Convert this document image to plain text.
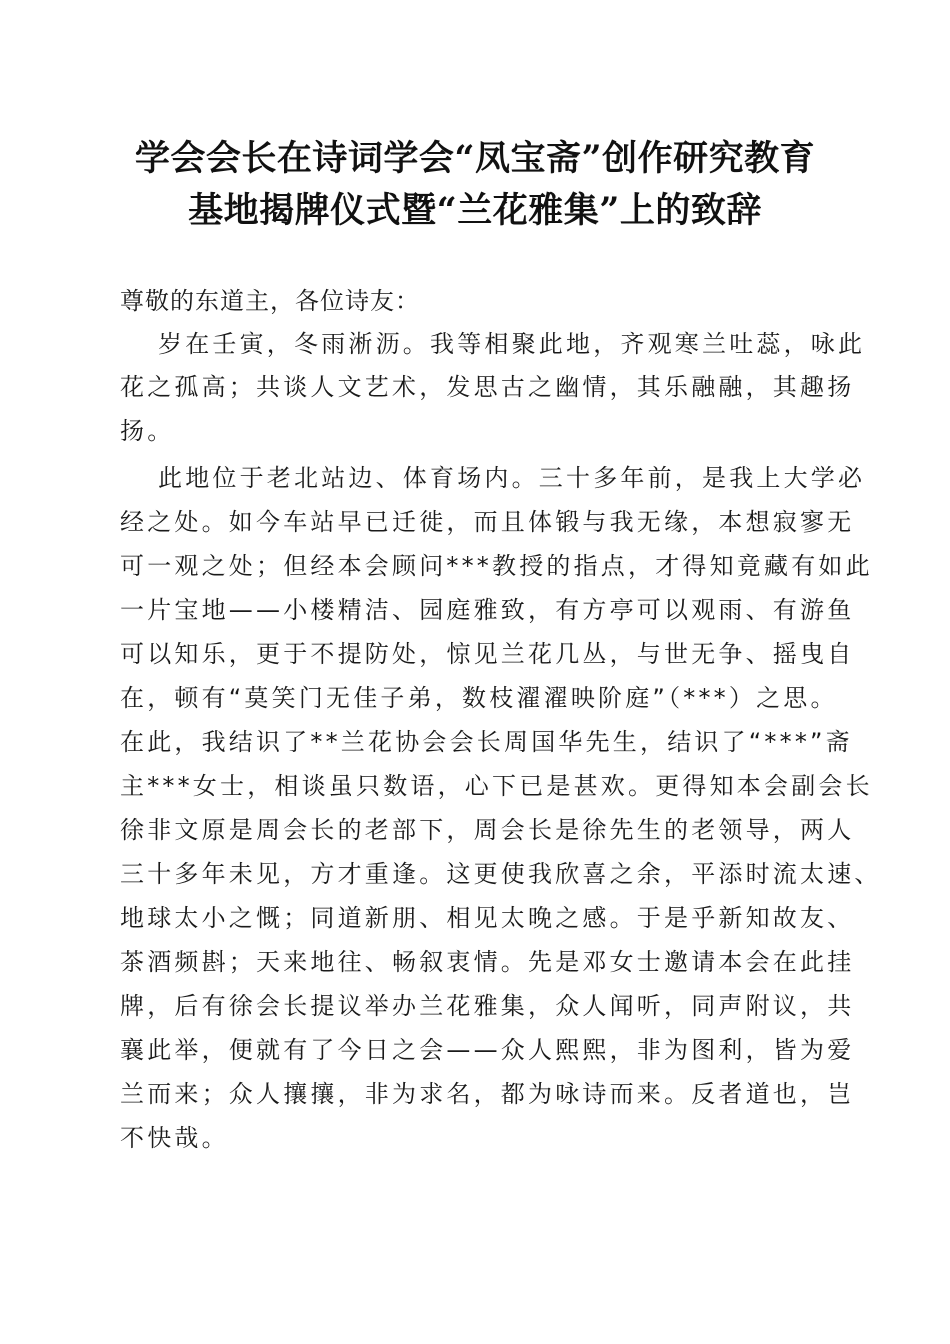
学会会长在诗词学会“凤宝斋”创作研究教育
基地揭牌仪式暨“兰花雅集”上的致辞
尊敬的东道主，各位诗友：
岁在壬寅，冬雨淅沥。我等相聚此地，齐观寒兰吐蕊，咏此
花之孤高；共谈人文艺术，发思古之幽情，其乐融融，其趣扬
扬。
此地位于老北站边、体育场内。三十多年前，是我上大学必
经之处。如今车站早已迁徙，而且体锻与我无缘，本想寂寥无
可一观之处；但经本会顾问***教授的指点，才得知竟藏有如此
一片宝地——小楼精洁、园庭雅致，有方亭可以观雨、有游鱼
可以知乐，更于不提防处，惊见兰花几丛，与世无争、摇曳自
在，顿有“莫笑门无佳子弟，数枝濯濯映阶庭”（***）之思。
在此，我结识了**兰花协会会长周国华先生，结识了“***”斋
主***女士，相谈虽只数语，心下已是甚欢。更得知本会副会长
徐非文原是周会长的老部下，周会长是徐先生的老领导，两人
三十多年未见，方才重逢。这更使我欣喜之余，平添时流太速、
地球太小之慨；同道新朋、相见太晚之感。于是乎新知故友、
茶酒频斟；天来地往、畅叙衷情。先是邓女士邀请本会在此挂
牌，后有徐会长提议举办兰花雅集，众人闻听，同声附议，共
襄此举，便就有了今日之会——众人熙熙，非为图利，皆为爱
兰而来；众人攘攘，非为求名，都为咏诗而来。反者道也，岂
不快哉。
